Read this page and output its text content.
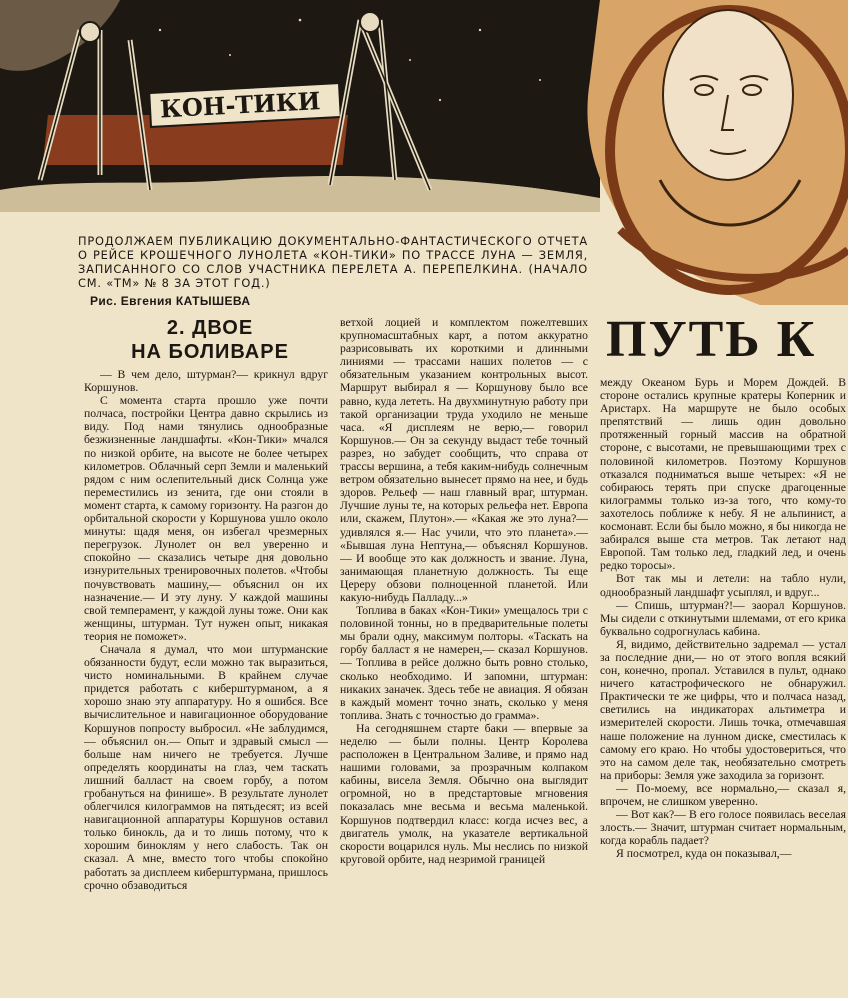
КОН-ТИКИ
ПРОДОЛЖАЕМ ПУБЛИКАЦИЮ ДОКУМЕНТАЛЬНО-ФАНТАСТИЧЕСКОГО ОТЧЕТА О РЕЙСЕ КРОШЕЧНОГО ЛУНОЛЕТА «КОН-ТИКИ» ПО ТРАССЕ ЛУНА — ЗЕМЛЯ, ЗАПИСАННОГО СО СЛОВ УЧАСТНИКА ПЕРЕЛЕТА А. ПЕРЕПЕЛКИНА. (НАЧАЛО СМ. «ТМ» № 8 ЗА ЭТОТ ГОД.)
Рис. Евгения КАТЫШЕВА
2. ДВОЕ
НА БОЛИВАРЕ	ПУТЬ К

— В чем дело, штурман?— крикнул вдруг Коршунов.

С момента старта прошло уже почти полчаса, постройки Центра давно скрылись из виду. Под нами тянулись однообразные безжизненные ландшафты. «Кон-Тики» мчался по низкой орбите, на высоте не более четырех километров. Облачный серп Земли и маленький рядом с ним ослепительный диск Солнца уже переместились из зенита, где они стояли в момент старта, к самому горизонту. На разгон до орбитальной скорости у Коршунова ушло около минуты: щадя меня, он избегал чрезмерных перегрузок. Лунолет он вел уверенно и спокойно — сказались четыре дня довольно изнурительных тренировочных полетов. «Чтобы почувствовать машину,— объяснил он их назначение.— И эту луну. У каждой машины свой темперамент, у каждой луны тоже. Они как женщины, штурман. Тут нужен опыт, никакая теория не поможет».

Сначала я думал, что мои штурманские обязанности будут, если можно так выразиться, чисто номинальными. В крайнем случае придется работать с киберштурманом, а я хорошо знаю эту аппаратуру. Но я ошибся. Все вычислительное и навигационное оборудование Коршунов попросту выбросил. «Не заблудимся,— объяснил он.— Опыт и здравый смысл — больше нам ничего не требуется. Лучше определять координаты на глаз, чем таскать лишний балласт на своем горбу, а потом гробануться на финише». В результате лунолет облегчился килограммов на пятьдесят; из всей навигационной аппаратуры Коршунов оставил только бинокль, да и то лишь потому, что к хорошим биноклям у него слабость. Так он сказал. А мне, вместо того чтобы спокойно работать за дисплеем киберштурмана, пришлось срочно обзаводиться

ветхой лоцией и комплектом пожелтевших крупномасштабных карт, а потом аккуратно разрисовывать их короткими и длинными линиями — трассами наших полетов — с обязательным указанием контрольных высот. Маршрут выбирал я — Коршунову было все равно, куда лететь. На двухминутную работу при такой организации труда уходило не меньше часа. «Я дисплеям не верю,— говорил Коршунов.— Он за секунду выдаст тебе точный разрез, но забудет сообщить, что справа от трассы вершина, а тебя каким-нибудь солнечным ветром обязательно вынесет прямо на нее, и будь здоров. Рельеф — наш главный враг, штурман. Лучшие луны те, на которых рельефа нет. Европа или, скажем, Плутон».— «Какая же это луна?— удивлялся я.— Нас учили, что это планета».— «Бывшая луна Нептуна,— объяснял Коршунов.— И вообще это как должность и звание. Луна, занимающая планетную должность. Ты еще Цереру обзови полноценной планетой. Или какую-нибудь Палладу...»

Топлива в баках «Кон-Тики» умещалось три с половиной тонны, но в предварительные полеты мы брали одну, максимум полторы. «Таскать на горбу балласт я не намерен,— сказал Коршунов.— Топлива в рейсе должно быть ровно столько, сколько необходимо. И запомни, штурман: никаких заначек. Здесь тебе не авиация. Я обязан в каждый момент точно знать, сколько у меня топлива. Знать с точностью до грамма».

На сегодняшнем старте баки — впервые за неделю — были полны. Центр Королева расположен в Центральном Заливе, и прямо над нашими головами, за прозрачным колпаком кабины, висела Земля. Обычно она выглядит огромной, но в предстартовые мгновения показалась мне весьма и весьма маленькой. Коршунов подтвердил класс: когда исчез вес, а двигатель умолк, на указателе вертикальной скорости воцарился нуль. Мы неслись по низкой круговой орбите, над незримой границей

между Океаном Бурь и Морем Дождей. В стороне остались крупные кратеры Коперник и Аристарх. На маршруте не было особых препятствий — лишь один довольно протяженный горный массив на обратной стороне, с высотами, не превышающими трех с половиной километров. Поэтому Коршунов отказался подниматься выше четырех: «Я не собираюсь терять при спуске драгоценные килограммы только из-за того, что кому-то захотелось поближе к небу. Я не альпинист, а космонавт. Если бы было можно, я бы никогда не забирался выше ста метров. Так летают над Европой. Там только лед, гладкий лед, и очень редко торосы».

Вот так мы и летели: на табло нули, однообразный ландшафт усыплял, и вдруг...

— Спишь, штурман?!— заорал Коршунов. Мы сидели с откинутыми шлемами, от его крика буквально содрогнулась кабина.

Я, видимо, действительно задремал — устал за последние дни,— но от этого вопля всякий сон, конечно, пропал. Уставился в пульт, однако ничего катастрофического не обнаружил. Практически те же цифры, что и полчаса назад, светились на индикаторах альтиметра и измерителей скорости. Лишь точка, отмечавшая наше положение на лунном диске, сместилась к самому его краю. Но чтобы удостовериться, что это на самом деле так, необязательно смотреть на приборы: Земля уже заходила за горизонт.

— По-моему, все нормально,— сказал я, впрочем, не слишком уверенно.

— Вот как?— В его голосе появилась веселая злость.— Значит, штурман считает нормальным, когда корабль падает?

Я посмотрел, куда он показывал,—
